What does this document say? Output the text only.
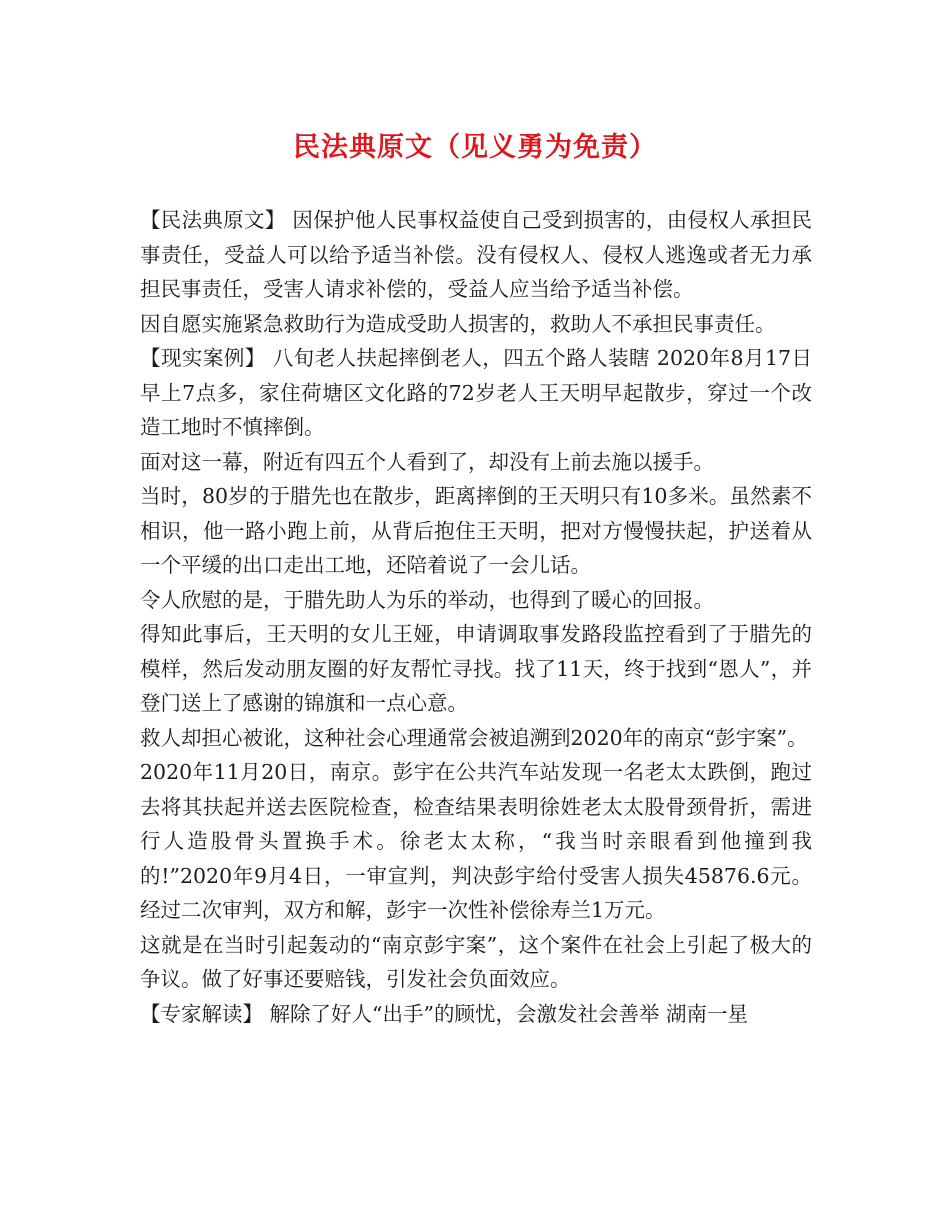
民法典原文（见义勇为免责）

【民法典原文】 因保护他人民事权益使自己受到损害的，由侵权人承担民事责任，受益人可以给予适当补偿。没有侵权人、侵权人逃逸或者无力承担民事责任，受害人请求补偿的，受益人应当给予适当补偿。

因自愿实施紧急救助行为造成受助人损害的，救助人不承担民事责任。

【现实案例】 八旬老人扶起摔倒老人，四五个路人装瞎 2020年8月17日早上7点多，家住荷塘区文化路的72岁老人王天明早起散步，穿过一个改造工地时不慎摔倒。

面对这一幕，附近有四五个人看到了，却没有上前去施以援手。

当时，80岁的于腊先也在散步，距离摔倒的王天明只有10多米。虽然素不相识，他一路小跑上前，从背后抱住王天明，把对方慢慢扶起，护送着从一个平缓的出口走出工地，还陪着说了一会儿话。

令人欣慰的是，于腊先助人为乐的举动，也得到了暖心的回报。

得知此事后，王天明的女儿王娅，申请调取事发路段监控看到了于腊先的模样，然后发动朋友圈的好友帮忙寻找。找了11天，终于找到“恩人”，并登门送上了感谢的锦旗和一点心意。

救人却担心被讹，这种社会心理通常会被追溯到2020年的南京“彭宇案”。

2020年11月20日，南京。彭宇在公共汽车站发现一名老太太跌倒，跑过去将其扶起并送去医院检查，检查结果表明徐姓老太太股骨颈骨折，需进行人造股骨头置换手术。徐老太太称，“我当时亲眼看到他撞到我的!”2020年9月4日，一审宣判，判决彭宇给付受害人损失45876.6元。经过二次审判，双方和解，彭宇一次性补偿徐寿兰1万元。

这就是在当时引起轰动的“南京彭宇案”，这个案件在社会上引起了极大的争议。做了好事还要赔钱，引发社会负面效应。

【专家解读】 解除了好人“出手”的顾忧，会激发社会善举 湖南一星
